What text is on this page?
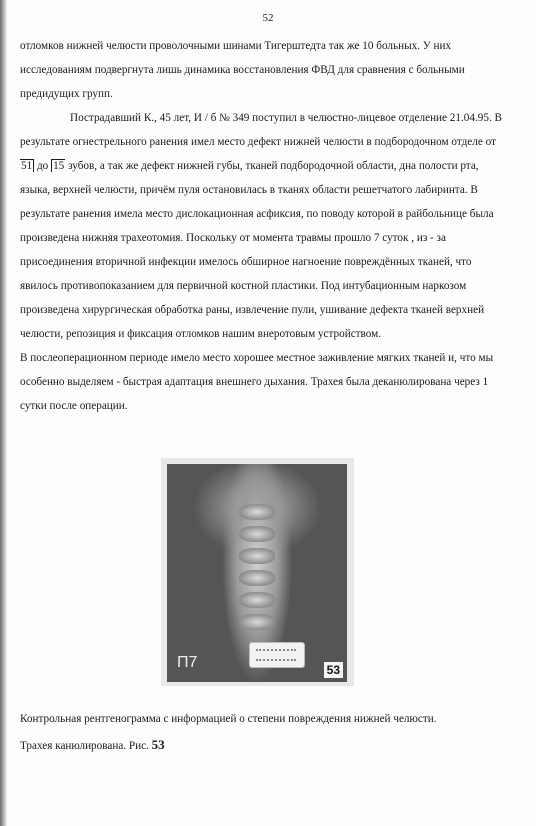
52

отломков нижней челюсти проволочными шинами Тигерштедта так же 10 больных. У них исследованиям подвергнута лишь динамика восстановления ФВД для сравнения с больными предидущих групп.

Пострадавший К., 45 лет, И / б № 349 поступил в челюстно-лицевое отделение 21.04.95. В результате огнестрельного ранения имел место дефект нижней челюсти в подбородочном отделе от 51 до 15 зубов, а так же дефект нижней губы, тканей подбородочной области, дна полости рта, языка, верхней челюсти, причём пуля остановилась в тканях области решетчатого лабиринта. В результате ранения имела место дислокационная асфиксия, по поводу которой в райбольнице была произведена нижняя трахеотомия. Поскольку от момента травмы прошло 7 суток , из - за присоединения вторичной инфекции имелось обширное нагноение повреждённых тканей, что явилось противопоказанием для первичной костной пластики. Под интубационным наркозом произведена хирургическая обработка раны, извлечение пули, ушивание дефекта тканей верхней челюсти, репозиция и фиксация отломков нашим внеротовым устройством.

В послеоперационном периоде имело место хорошее местное заживление мягких тканей и, что мы особенно выделяем - быстрая адаптация внешнего дыхания. Трахея была деканюлирована через 1 сутки после операции.

Π7	53

Контрольная рентгенограмма с информацией о степени повреждения нижней челюсти.

Трахея канюлирована. Рис. 53
